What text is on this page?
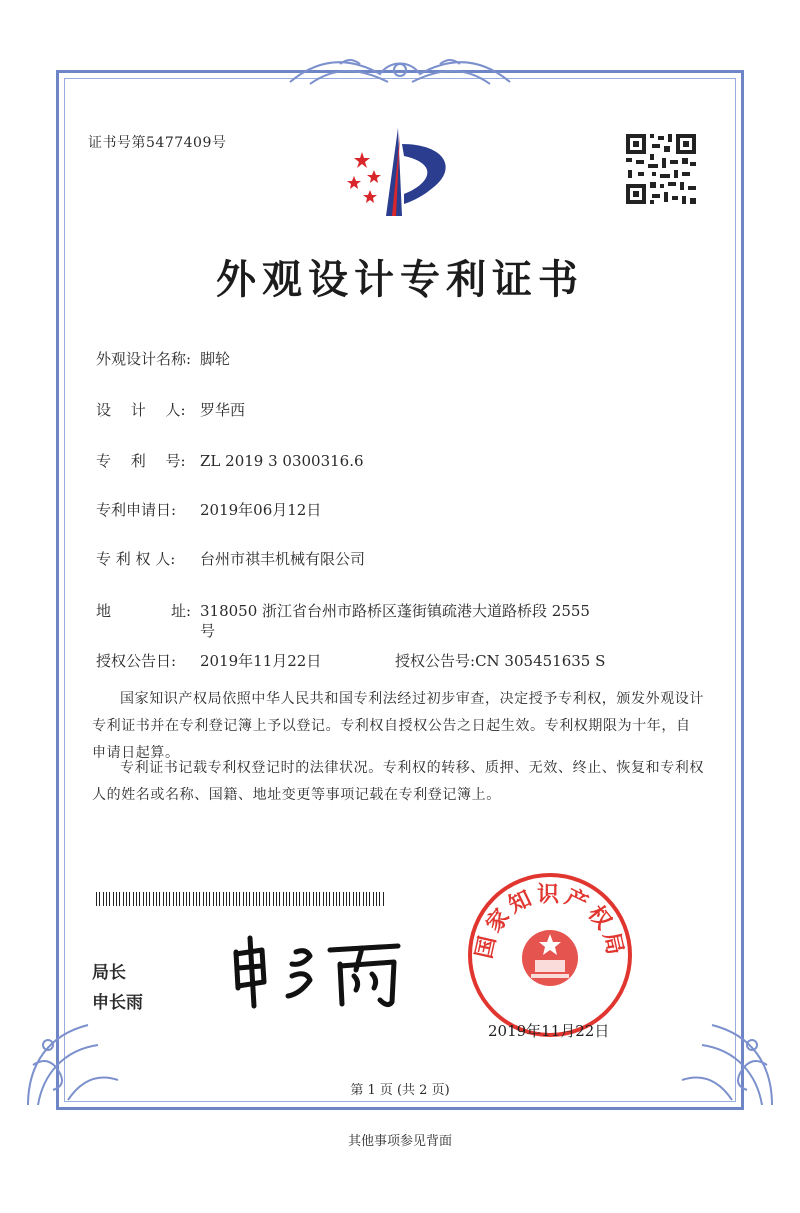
证书号第5477409号

外观设计专利证书
外观设计名称: 脚轮
设　 计　 人: 罗华西
专　 利　 号: ZL 2019 3 0300316.6
专利申请日: 2019年06月12日
专 利 权 人: 台州市祺丰机械有限公司
地　　　　址: 318050 浙江省台州市路桥区蓬街镇疏港大道路桥段 2555
号
授权公告日: 2019年11月22日	授权公告号:CN 305451635 S

国家知识产权局依照中华人民共和国专利法经过初步审查，决定授予专利权，颁发外观设计专利证书并在专利登记簿上予以登记。专利权自授权公告之日起生效。专利权期限为十年，自申请日起算。

专利证书记载专利权登记时的法律状况。专利权的转移、质押、无效、终止、恢复和专利权人的姓名或名称、国籍、地址变更等事项记载在专利登记簿上。

局长

申长雨

国家知识产权局

2019年11月22日

第 1 页 (共 2 页)

其他事项参见背面
